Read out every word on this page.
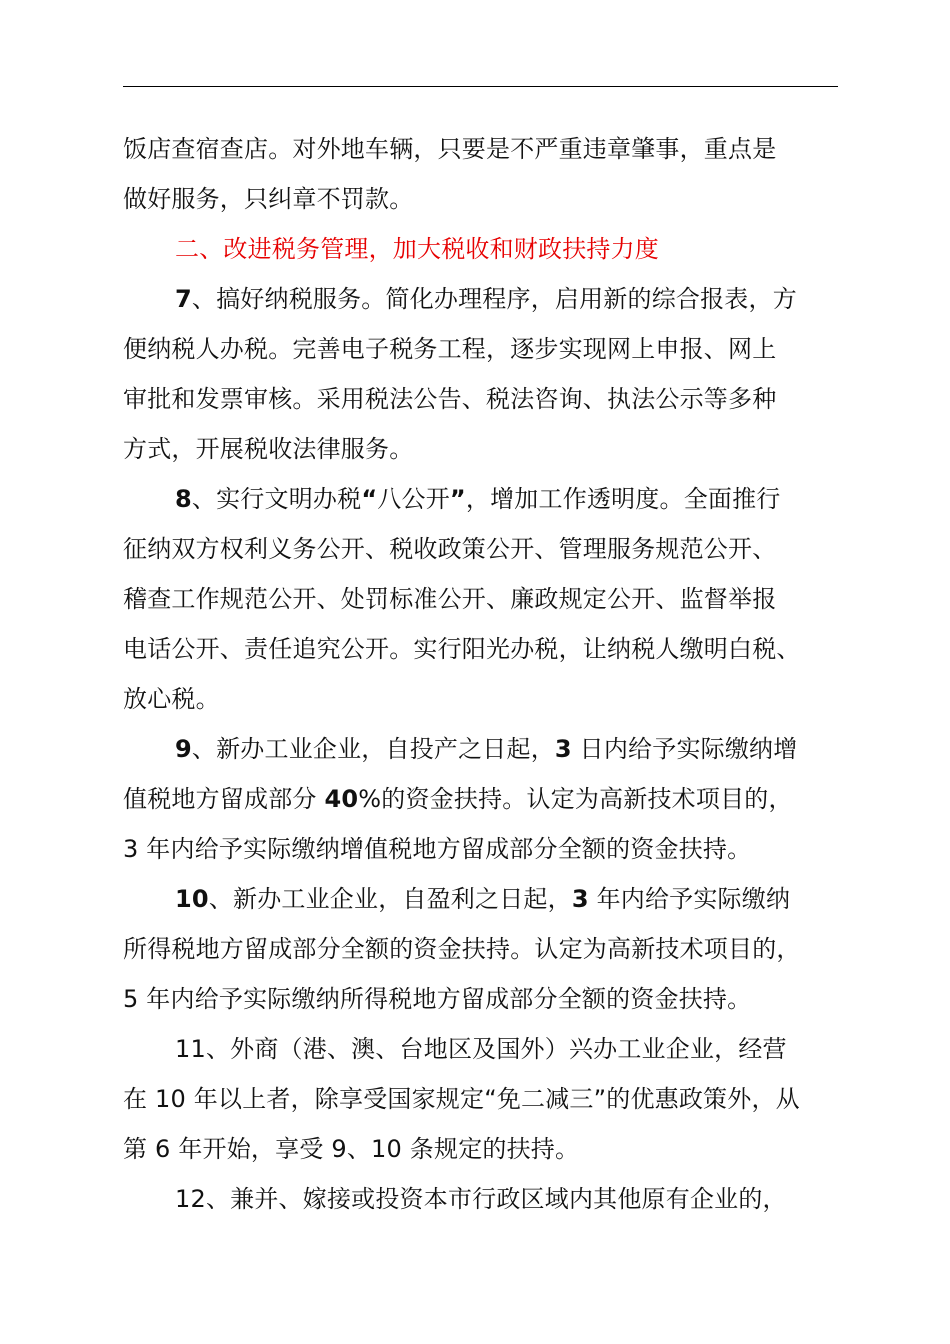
饭店查宿查店。对外地车辆，只要是不严重违章肇事，重点是
做好服务，只纠章不罚款。
二、改进税务管理，加大税收和财政扶持力度
7、搞好纳税服务。简化办理程序，启用新的综合报表，方
便纳税人办税。完善电子税务工程，逐步实现网上申报、网上
审批和发票审核。采用税法公告、税法咨询、执法公示等多种
方式，开展税收法律服务。
8、实行文明办税“八公开”，增加工作透明度。全面推行
征纳双方权利义务公开、税收政策公开、管理服务规范公开、
稽查工作规范公开、处罚标准公开、廉政规定公开、监督举报
电话公开、责任追究公开。实行阳光办税，让纳税人缴明白税、
放心税。
9、新办工业企业，自投产之日起，3 日内给予实际缴纳增
值税地方留成部分 40%的资金扶持。认定为高新技术项目的，
3 年内给予实际缴纳增值税地方留成部分全额的资金扶持。
10、新办工业企业，自盈利之日起，3 年内给予实际缴纳
所得税地方留成部分全额的资金扶持。认定为高新技术项目的，
5 年内给予实际缴纳所得税地方留成部分全额的资金扶持。
11、外商（港、澳、台地区及国外）兴办工业企业，经营
在 10 年以上者，除享受国家规定“免二减三”的优惠政策外，从
第 6 年开始，享受 9、10 条规定的扶持。
12、兼并、嫁接或投资本市行政区域内其他原有企业的，
